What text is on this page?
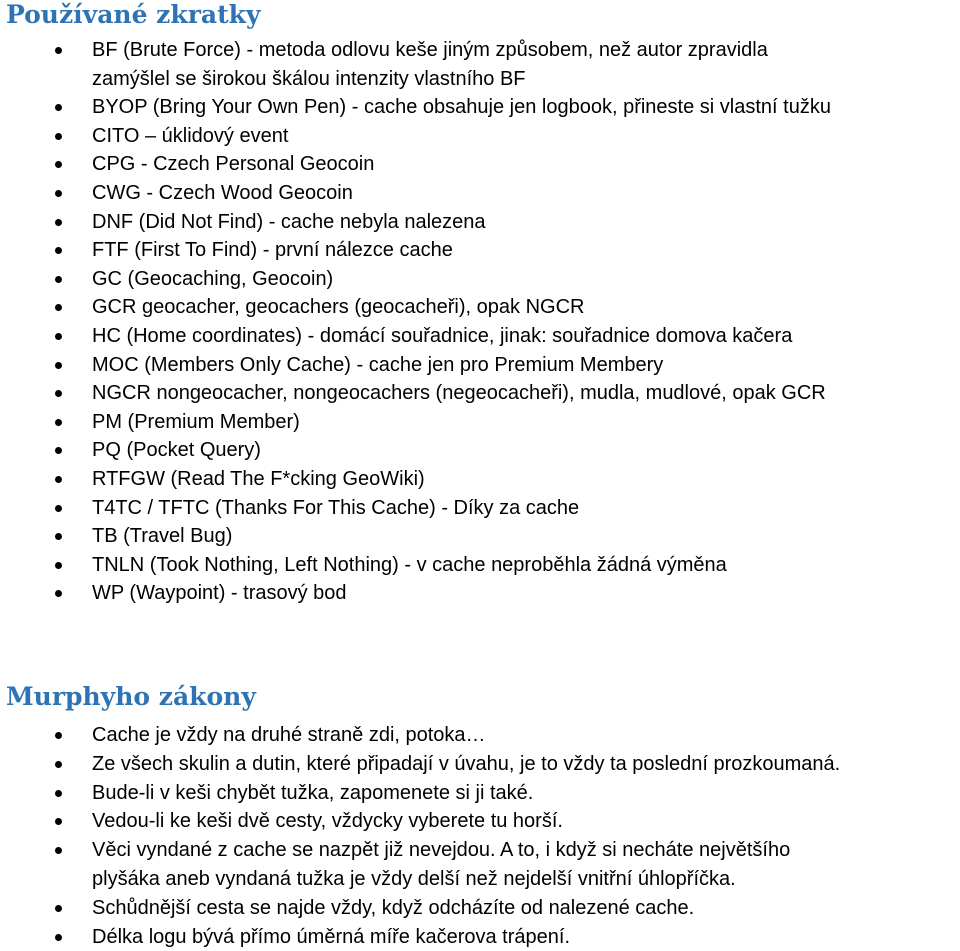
Používané zkratky
BF (Brute Force) - metoda odlovu keše jiným způsobem, než autor zpravidla
zamýšlel se širokou škálou intenzity vlastního BF
BYOP (Bring Your Own Pen) - cache obsahuje jen logbook, přineste si vlastní tužku
CITO – úklidový event
CPG - Czech Personal Geocoin
CWG - Czech Wood Geocoin
DNF (Did Not Find) - cache nebyla nalezena
FTF (First To Find) - první nálezce cache
GC (Geocaching, Geocoin)
GCR geocacher, geocachers (geocacheři), opak NGCR
HC (Home coordinates) - domácí souřadnice, jinak: souřadnice domova kačera
MOC (Members Only Cache) - cache jen pro Premium Membery
NGCR nongeocacher, nongeocachers (negeocacheři), mudla, mudlové, opak GCR
PM (Premium Member)
PQ (Pocket Query)
RTFGW (Read The F*cking GeoWiki)
T4TC / TFTC (Thanks For This Cache) - Díky za cache
TB (Travel Bug)
TNLN (Took Nothing, Left Nothing) - v cache neproběhla žádná výměna
WP (Waypoint) - trasový bod
Murphyho zákony
Cache je vždy na druhé straně zdi, potoka…
Ze všech skulin a dutin, které připadají v úvahu, je to vždy ta poslední prozkoumaná.
Bude-li v keši chybět tužka, zapomenete si ji také.
Vedou-li ke keši dvě cesty, vždycky vyberete tu horší.
Věci vyndané z cache se nazpět již nevejdou. A to, i když si necháte největšího
plyšáka aneb vyndaná tužka je vždy delší než nejdelší vnitřní úhlopříčka.
Schůdnější cesta se najde vždy, když odcházíte od nalezené cache.
Délka logu bývá přímo úměrná míře kačerova trápení.
